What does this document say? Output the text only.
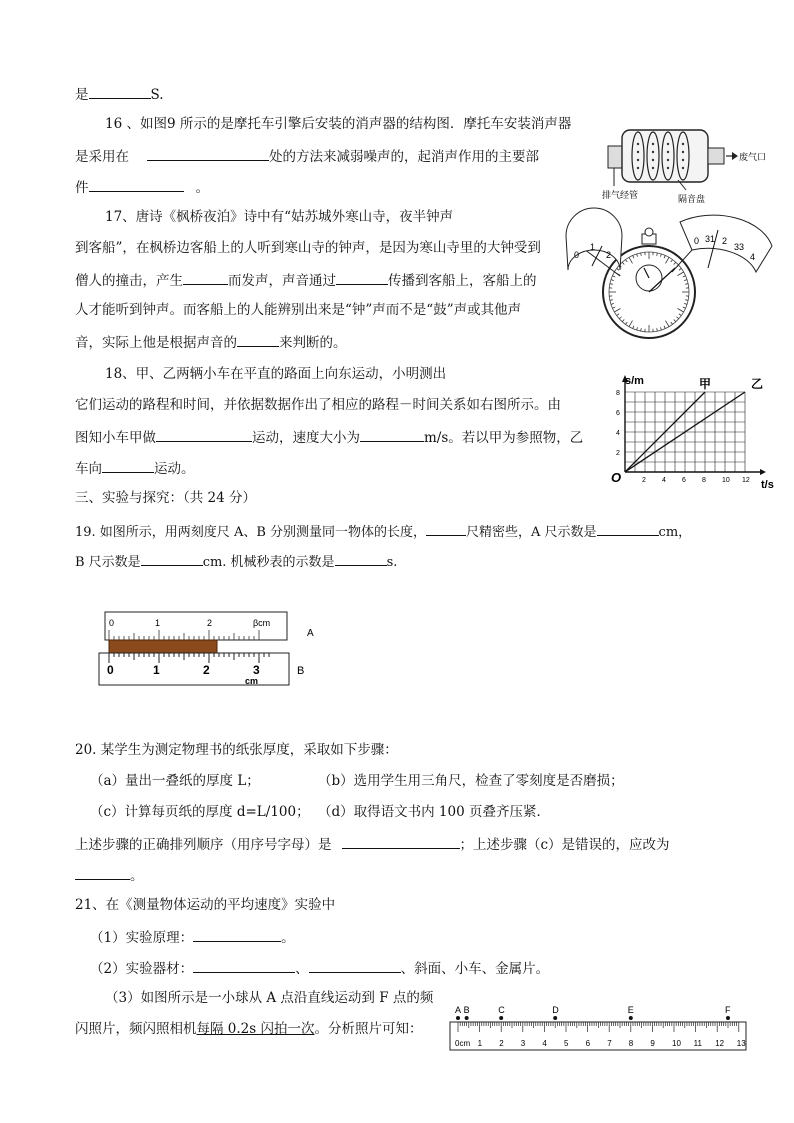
是	S.
16 、如图9 所示的是摩托车引擎后安装的消声器的结构图．摩托车安装消声器
是采用在	处的方法来减弱噪声的，起消声作用的主要部
件	。
废气口
排气经管	隔音盘
17、唐诗《枫桥夜泊》诗中有“姑苏城外寒山寺，夜半钟声
到客船”，在枫桥边客船上的人听到寒山寺的钟声，是因为寒山寺里的大钟受到
僧人的撞击，产生	而发声，声音通过	传播到客船上，客船上的
人才能听到钟声。而客船上的人能辨别出来是“钟”声而不是“鼓”声或其他声
音，实际上他是根据声音的	来判断的。
0
1
2
0 31 2
33
4
18、甲、乙两辆小车在平直的路面上向东运动，小明测出
它们运动的路程和时间，并依据数据作出了相应的路程－时间关系如右图所示。由
图知小车甲做	运动，速度大小为	m/s。若以甲为参照物，乙
车向	运动。
2 4 6 8 10 12
2
4
6
8
甲	乙
s/m
t/s
O
三、实验与探究：（共 24 分）
19. 如图所示，用两刻度尺 A、B 分别测量同一物体的长度，	尺精密些，A 尺示数是	cm，
B 尺示数是	cm. 机械秒表的示数是	s.
0	1	2	βcm
A
0	1	2	3
cm
B
20. 某学生为测定物理书的纸张厚度，采取如下步骤：
（a）量出一叠纸的厚度 L；	（b）选用学生用三角尺，检查了零刻度是否磨损；
（c）计算每页纸的厚度 d=L/100； （d）取得语文书内 100 页叠齐压紧．
上述步骤的正确排列顺序（用序号字母）是	；上述步骤（c）是错误的，应改为
。
21、在《测量物体运动的平均速度》实验中
（1）实验原理：	。
（2）实验器材：	、	、斜面、小车、金属片。
（3）如图所示是一小球从 A 点沿直线运动到 F 点的频
闪照片，频闪照相机每隔 0.2s 闪拍一次。分析照片可知：
0cm 1 2 3 4 5 6 7 8 9 10 11 12 13
A B	C	D	E	F
